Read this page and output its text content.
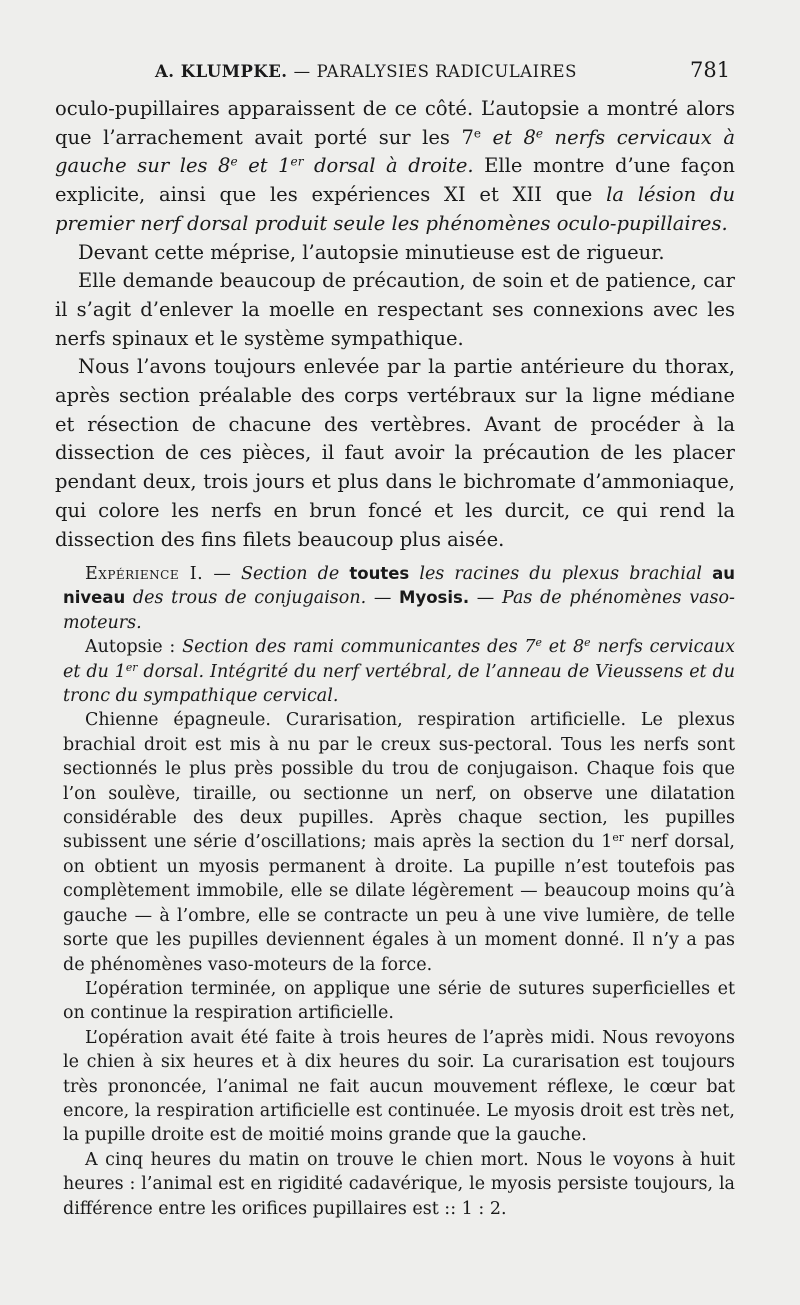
A. KLUMPKE. — PARALYSIES RADICULAIRES	781

oculo-pupillaires apparaissent de ce côté. L’autopsie a montré alors que l’arrachement avait porté sur les 7e et 8e nerfs cervicaux à gauche sur les 8e et 1er dorsal à droite. Elle montre d’une façon explicite, ainsi que les expériences XI et XII que la lésion du premier nerf dorsal produit seule les phénomènes oculo-pupillaires.

Devant cette méprise, l’autopsie minutieuse est de rigueur.

Elle demande beaucoup de précaution, de soin et de patience, car il s’agit d’enlever la moelle en respectant ses connexions avec les nerfs spinaux et le système sympathique.

Nous l’avons toujours enlevée par la partie antérieure du thorax, après section préalable des corps vertébraux sur la ligne médiane et résection de chacune des vertèbres. Avant de procéder à la dissection de ces pièces, il faut avoir la précaution de les placer pendant deux, trois jours et plus dans le bichromate d’ammoniaque, qui colore les nerfs en brun foncé et les durcit, ce qui rend la dissection des fins filets beaucoup plus aisée.

Expérience I. — Section de toutes les racines du plexus brachial au niveau des trous de conjugaison. — Myosis. — Pas de phénomènes vaso-moteurs.

Autopsie : Section des rami communicantes des 7e et 8e nerfs cervicaux et du 1er dorsal. Intégrité du nerf vertébral, de l’anneau de Vieussens et du tronc du sympathique cervical.

Chienne épagneule. Curarisation, respiration artificielle. Le plexus brachial droit est mis à nu par le creux sus-pectoral. Tous les nerfs sont sectionnés le plus près possible du trou de conjugaison. Chaque fois que l’on soulève, tiraille, ou sectionne un nerf, on observe une dilatation considérable des deux pupilles. Après chaque section, les pupilles subissent une série d’oscillations; mais après la section du 1er nerf dorsal, on obtient un myosis permanent à droite. La pupille n’est toutefois pas complètement immobile, elle se dilate légèrement — beaucoup moins qu’à gauche — à l’ombre, elle se contracte un peu à une vive lumière, de telle sorte que les pupilles deviennent égales à un moment donné. Il n’y a pas de phénomènes vaso-moteurs de la force.

L’opération terminée, on applique une série de sutures superficielles et on continue la respiration artificielle.

L’opération avait été faite à trois heures de l’après midi. Nous revoyons le chien à six heures et à dix heures du soir. La curarisation est toujours très prononcée, l’animal ne fait aucun mouvement réflexe, le cœur bat encore, la respiration artificielle est continuée. Le myosis droit est très net, la pupille droite est de moitié moins grande que la gauche.

A cinq heures du matin on trouve le chien mort. Nous le voyons à huit heures : l’animal est en rigidité cadavérique, le myosis persiste toujours, la différence entre les orifices pupillaires est :: 1 : 2.
